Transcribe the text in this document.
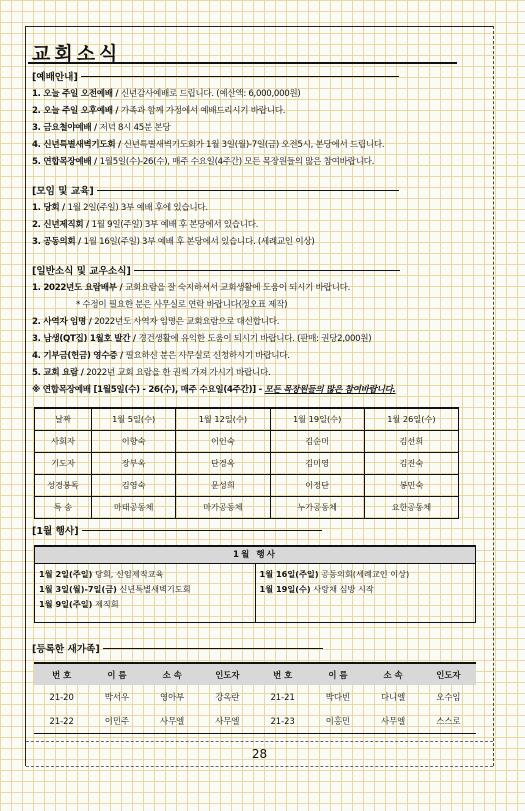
교회소식
[예배안내]
1. 오늘 주일 오전예배 / 신년감사예배로 드립니다. (예산액: 6,000,000원)
2. 오늘 주일 오후예배 / 가족과 함께 가정에서 예배드리시기 바랍니다.
3. 금요철야예배 / 저녁 8시 45분 본당
4. 신년특별새벽기도회 / 신년특별새벽기도회가 1월 3일(월)-7일(금) 오전5시, 본당에서 드립니다.
5. 연합목장예배 / 1월5일(수)-26(수), 매주 수요일(4주간) 모든 목장원들의 많은 참여바랍니다.
[모임 및 교육]
1. 당회 / 1월 2일(주일) 3부 예배 후에 있습니다.
2. 신년제직회 / 1월 9일(주일) 3부 예배 후 본당에서 있습니다.
3. 공동의회 / 1월 16일(주일) 3부 예배 후 본당에서 있습니다. (세례교인 이상)
[일반소식 및 교우소식]
1. 2022년도 요람배부 / 교회요람을 잘 숙지하셔서 교회생활에 도움이 되시기 바랍니다.
* 수정이 필요한 분은 사무실로 연락 바랍니다(정오표 제작)
2. 사역자 임명 / 2022년도 사역자 임명은 교회요람으로 대신합니다.
3. 남생(QT집) 1월호 발간 / 경건생활에 유익한 도움이 되시기 바랍니다. (판매: 권당2,000원)
4. 기부금(헌금) 영수증 / 필요하신 분은 사무실로 신청하시기 바랍니다.
5. 교회 요람 / 2022년 교회 요람을 한 권씩 가져 가시기 바랍니다.
※ 연합목장예배 [1월5일(수) - 26(수), 매주 수요일(4주간)] - 모든 목장원들의 많은 참여바랍니다.
날짜	1월 5일(수)	1월 12일(수)	1월 19일(수)	1월 26일(수)
사회자	이향숙	이인숙	김순미	김선희
기도자	장부옥	단경옥	김미영	김진숙
성경봉독	김영숙	문성희	이정단	봉민숙
특 송	마태공동체	마가공동체	누가공동체	요한공동체
[1월 행사]
1월 행사
1월 2일(주일) 당회, 신임제직교육
1월 3일(월)-7일(금) 신년특별새벽기도회
1월 9일(주일) 제직회
1월 16일(주일) 공동의회(세례교인 이상)
1월 19일(수) 사랑채 심방 시작
[등록한 새가족]
번 호	이 름	소 속	인도자	번 호	이 름	소 속	인도자
21-20	박서우	영아부	강옥란	21-21	박다빈	다니엘	오수임
21-22	이민주	사무엘	사무엘	21-23	이홍민	사무엘	스스로
28
